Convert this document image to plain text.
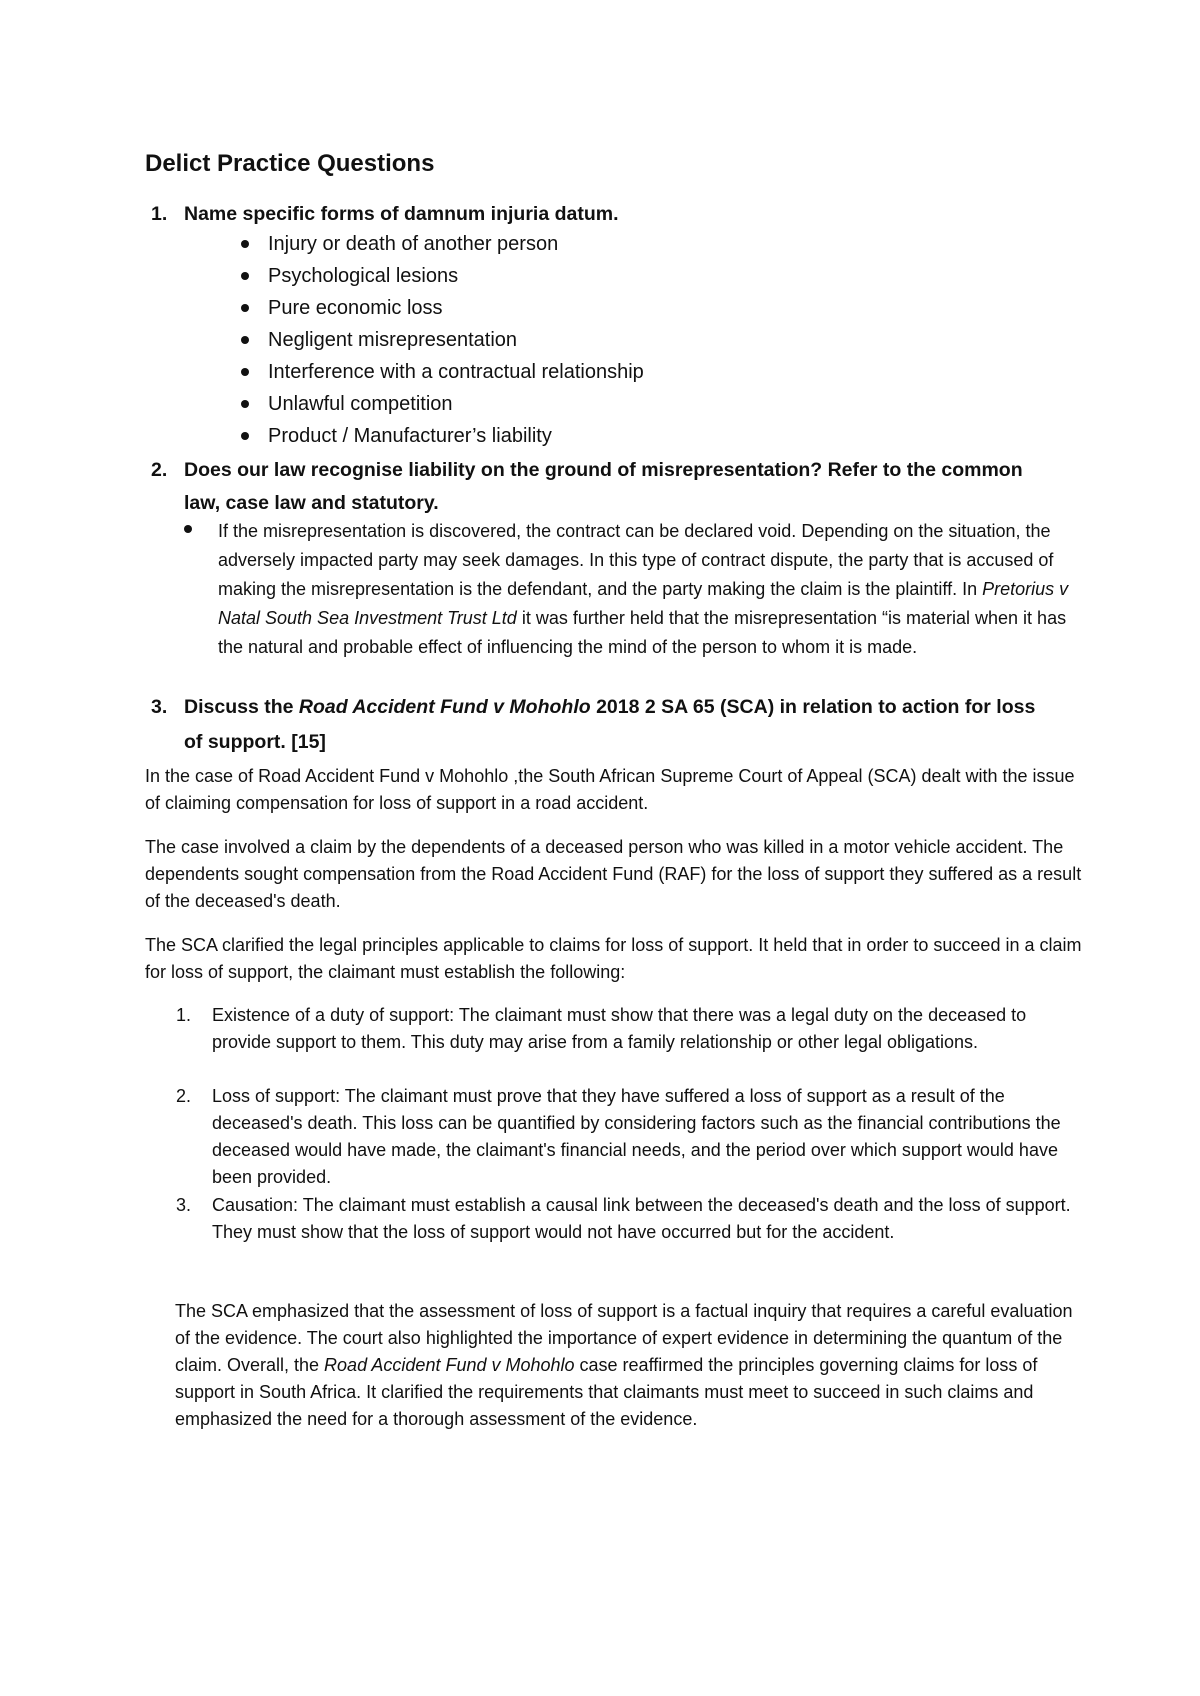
Delict Practice Questions
1. Name specific forms of damnum injuria datum.
Injury or death of another person
Psychological lesions
Pure economic loss
Negligent misrepresentation
Interference with a contractual relationship
Unlawful competition
Product / Manufacturer’s liability
2. Does our law recognise liability on the ground of misrepresentation? Refer to the common
law, case law and statutory.
If the misrepresentation is discovered, the contract can be declared void. Depending on the situation, the adversely impacted party may seek damages. In this type of contract dispute, the party that is accused of making the misrepresentation is the defendant, and the party making the claim is the plaintiff. In Pretorius v Natal South Sea Investment Trust Ltd it was further held that the misrepresentation “is material when it has the natural and probable effect of influencing the mind of the person to whom it is made.
3. Discuss the Road Accident Fund v Mohohlo 2018 2 SA 65 (SCA) in relation to action for loss
of support. [15]

In the case of Road Accident Fund v Mohohlo ,the South African Supreme Court of Appeal (SCA) dealt with the issue of claiming compensation for loss of support in a road accident.

The case involved a claim by the dependents of a deceased person who was killed in a motor vehicle accident. The dependents sought compensation from the Road Accident Fund (RAF) for the loss of support they suffered as a result of the deceased's death.

The SCA clarified the legal principles applicable to claims for loss of support. It held that in order to succeed in a claim for loss of support, the claimant must establish the following:

1. Existence of a duty of support: The claimant must show that there was a legal duty on the deceased to provide support to them. This duty may arise from a family relationship or other legal obligations.
2. Loss of support: The claimant must prove that they have suffered a loss of support as a result of the deceased's death. This loss can be quantified by considering factors such as the financial contributions the deceased would have made, the claimant's financial needs, and the period over which support would have been provided.
3. Causation: The claimant must establish a causal link between the deceased's death and the loss of support. They must show that the loss of support would not have occurred but for the accident.

The SCA emphasized that the assessment of loss of support is a factual inquiry that requires a careful evaluation of the evidence. The court also highlighted the importance of expert evidence in determining the quantum of the claim. Overall, the Road Accident Fund v Mohohlo case reaffirmed the principles governing claims for loss of support in South Africa. It clarified the requirements that claimants must meet to succeed in such claims and emphasized the need for a thorough assessment of the evidence.
